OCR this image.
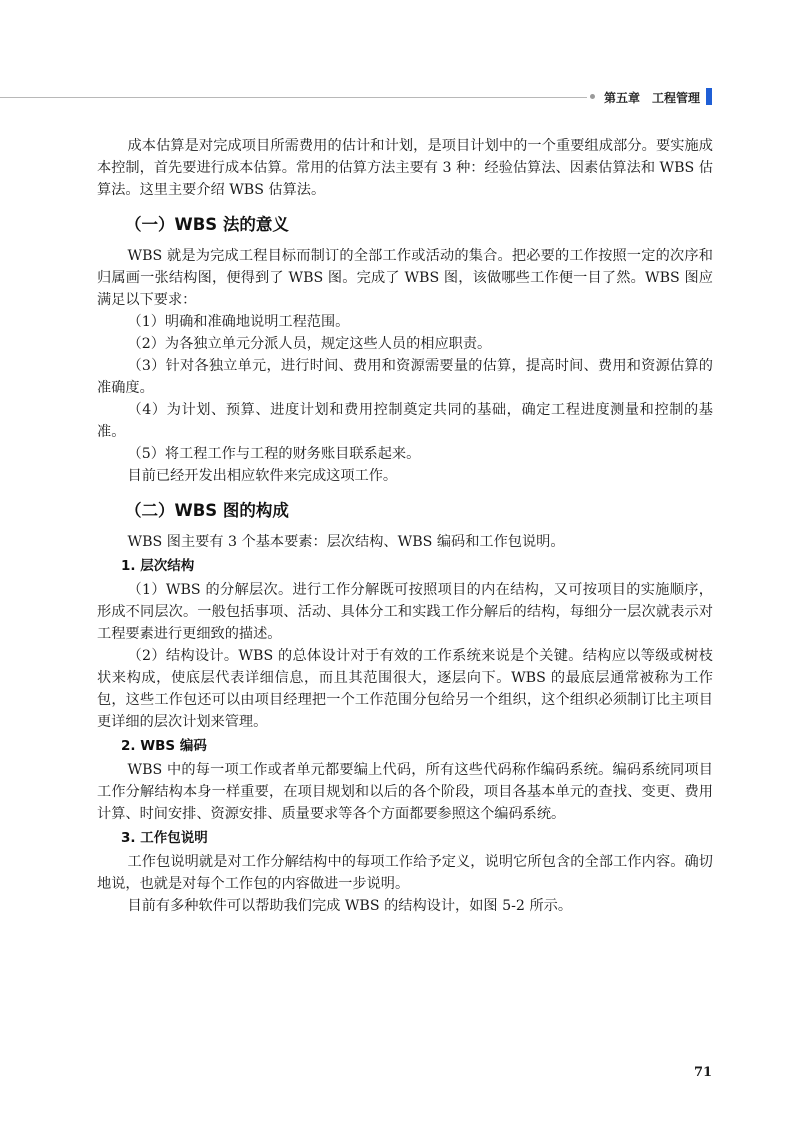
第五章　工程管理

成本估算是对完成项目所需费用的估计和计划，是项目计划中的一个重要组成部分。要实施成本控制，首先要进行成本估算。常用的估算方法主要有 3 种：经验估算法、因素估算法和 WBS 估算法。这里主要介绍 WBS 估算法。

（一）WBS 法的意义

WBS 就是为完成工程目标而制订的全部工作或活动的集合。把必要的工作按照一定的次序和归属画一张结构图，便得到了 WBS 图。完成了 WBS 图，该做哪些工作便一目了然。WBS 图应满足以下要求：

（1）明确和准确地说明工程范围。

（2）为各独立单元分派人员，规定这些人员的相应职责。

（3）针对各独立单元，进行时间、费用和资源需要量的估算，提高时间、费用和资源估算的准确度。

（4）为计划、预算、进度计划和费用控制奠定共同的基础，确定工程进度测量和控制的基准。

（5）将工程工作与工程的财务账目联系起来。

目前已经开发出相应软件来完成这项工作。

（二）WBS 图的构成

WBS 图主要有 3 个基本要素：层次结构、WBS 编码和工作包说明。

1. 层次结构

（1）WBS 的分解层次。进行工作分解既可按照项目的内在结构，又可按项目的实施顺序，形成不同层次。一般包括事项、活动、具体分工和实践工作分解后的结构，每细分一层次就表示对工程要素进行更细致的描述。

（2）结构设计。WBS 的总体设计对于有效的工作系统来说是个关键。结构应以等级或树枝状来构成，使底层代表详细信息，而且其范围很大，逐层向下。WBS 的最底层通常被称为工作包，这些工作包还可以由项目经理把一个工作范围分包给另一个组织，这个组织必须制订比主项目更详细的层次计划来管理。

2. WBS 编码

WBS 中的每一项工作或者单元都要编上代码，所有这些代码称作编码系统。编码系统同项目工作分解结构本身一样重要，在项目规划和以后的各个阶段，项目各基本单元的查找、变更、费用计算、时间安排、资源安排、质量要求等各个方面都要参照这个编码系统。

3. 工作包说明

工作包说明就是对工作分解结构中的每项工作给予定义，说明它所包含的全部工作内容。确切地说，也就是对每个工作包的内容做进一步说明。

目前有多种软件可以帮助我们完成 WBS 的结构设计，如图 5-2 所示。

71
